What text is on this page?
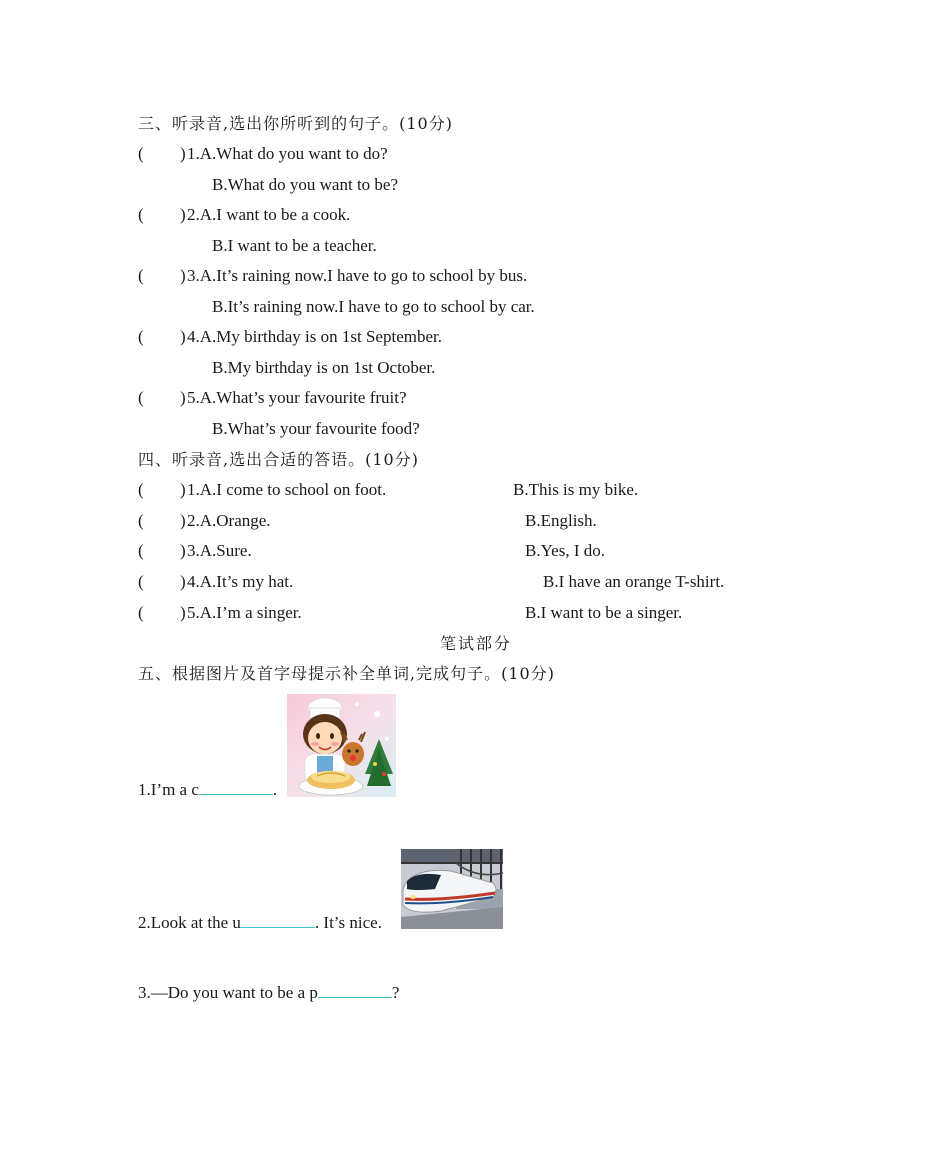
三、听录音,选出你所听到的句子。(10分)
( ) 1.A.What do you want to do?
B.What do you want to be?
( ) 2.A.I want to be a cook.
B.I want to be a teacher.
( ) 3.A.It’s raining now.I have to go to school by bus.
B.It’s raining now.I have to go to school by car.
( ) 4.A.My birthday is on 1st September.
B.My birthday is on 1st October.
( ) 5.A.What’s your favourite fruit?
B.What’s your favourite food?
四、听录音,选出合适的答语。(10分)
( ) 1.A.I come to school on foot.	B.This is my bike.
( ) 2.A.Orange.	B.English.
( ) 3.A.Sure.	B.Yes, I do.
( ) 4.A.It’s my hat.	B.I have an orange T-shirt.
( ) 5.A.I’m a singer.	B.I want to be a singer.
笔试部分
五、根据图片及首字母提示补全单词,完成句子。(10分)
1.I’m a c	.
2.Look at the u	. It’s nice.
3.—Do you want to be a p	?
